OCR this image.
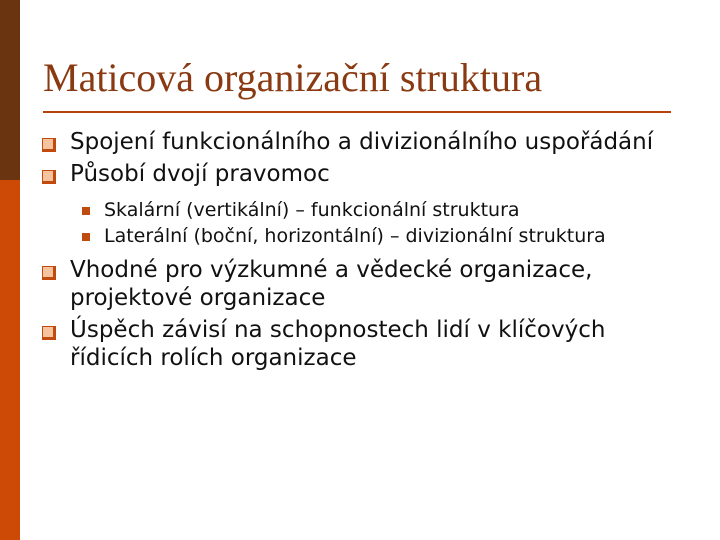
Maticová organizační struktura
Spojení funkcionálního a divizionálního uspořádání
Působí dvojí pravomoc
Skalární (vertikální) – funkcionální struktura
Laterální (boční, horizontální) – divizionální struktura
Vhodné pro výzkumné a vědecké organizace, projektové organizace
Úspěch závisí na schopnostech lidí v klíčových řídicích rolích organizace
